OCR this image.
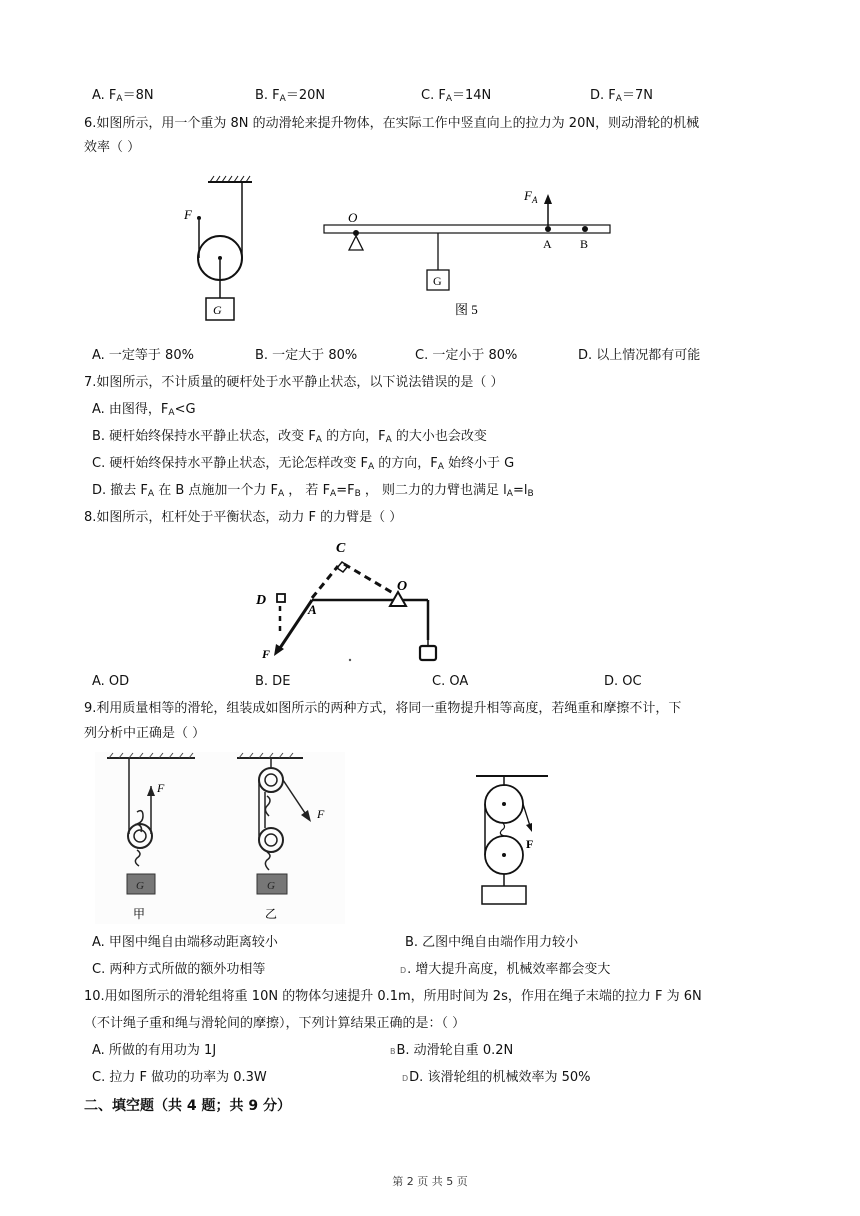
A. $F_A=8N$	B. $F_A=20N$	C. $F_A=14N$	D. $F_A=7N$
6.如图所示，用一个重为 8N 的动滑轮来提升物体，在实际工作中竖直向上的拉力为 20N，则动滑轮的机械
效率（ ）
F
G
O
G
$F_A$
A B
图 5
A. 一定等于 80%	B. 一定大于 80%	C. 一定小于 80%	D. 以上情况都有可能
7.如图所示，不计质量的硬杆处于水平静止状态，以下说法错误的是（ ）
A. 由图得，$F_A<G$
B. 硬杆始终保持水平静止状态，改变 $F_A$ 的方向，$F_A$ 的大小也会改变
C. 硬杆始终保持水平静止状态，无论怎样改变 $F_A$ 的方向，$F_A$ 始终小于 G
D. 撤去 $F_A$ 在 B 点施加一个力 $F_A$ ， 若 $F_A=F_B$ ， 则二力的力臂也满足 $l_A=l_B$
8.如图所示，杠杆处于平衡状态，动力 F 的力臂是（ ）
C
D
O
A
F
A. OD	B. DE	C. OA	D. OC
9.利用质量相等的滑轮，组装成如图所示的两种方式，将同一重物提升相等高度，若绳重和摩擦不计，下
列分析中正确是（ ）
F
G
甲
F
G
乙
F
A. 甲图中绳自由端移动距离较小	B. 乙图中绳自由端作用力较小
C. 两种方式所做的额外功相等	D. 增大提升高度，机械效率都会变大
10.用如图所示的滑轮组将重 10N 的物体匀速提升 0.1m，所用时间为 2s，作用在绳子末端的拉力 F 为 6N
（不计绳子重和绳与滑轮间的摩擦），下列计算结果正确的是：（ ）
A. 所做的有用功为 1J	BB. 动滑轮自重 0.2N
C. 拉力 F 做功的功率为 0.3W	DD. 该滑轮组的机械效率为 50%
二、填空题（共 4 题；共 9 分）
第 2 页 共 5 页
